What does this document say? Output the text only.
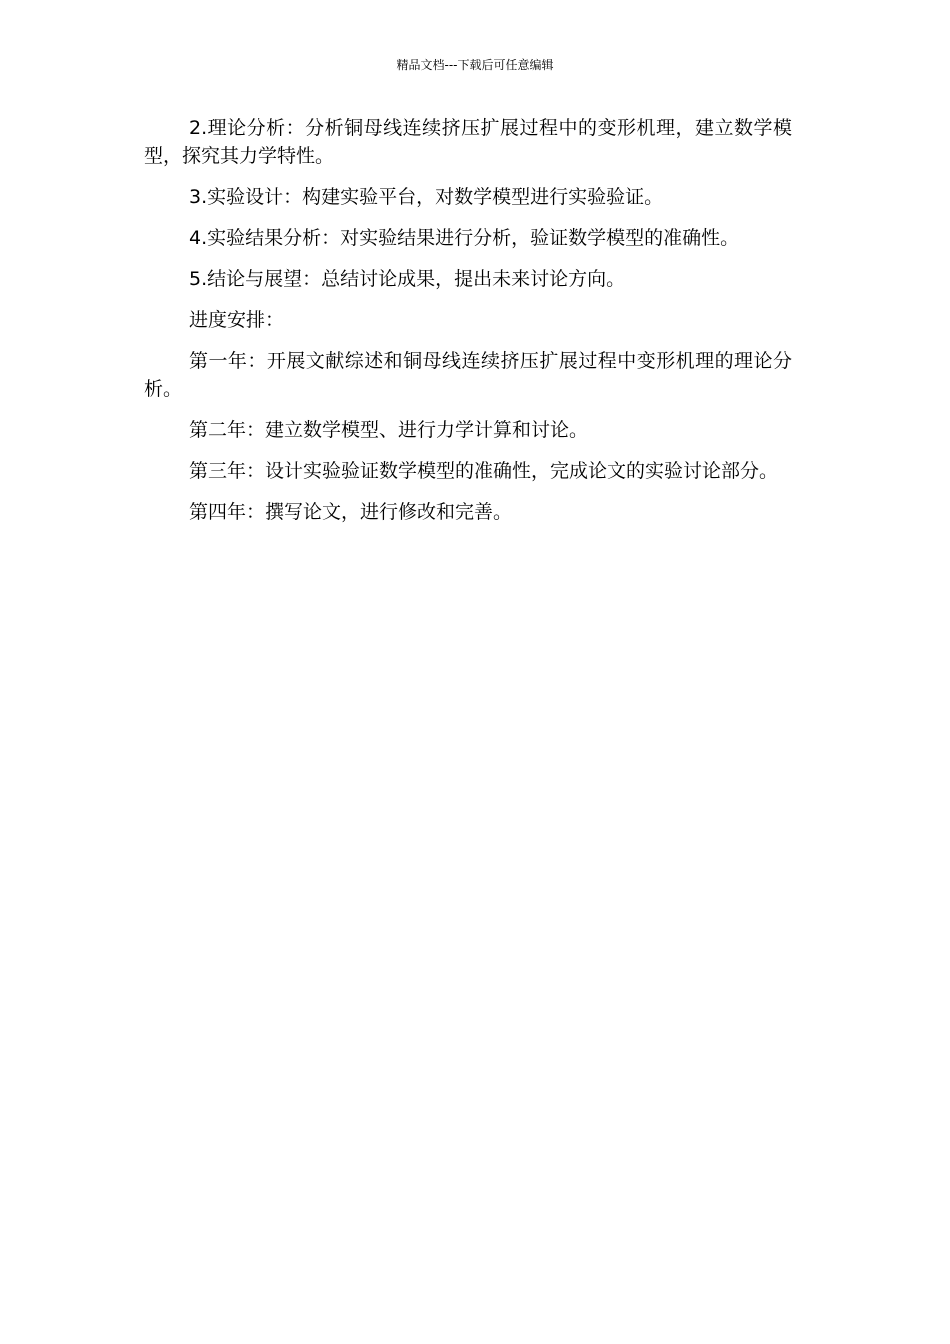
精品文档---下载后可任意编辑

2.理论分析：分析铜母线连续挤压扩展过程中的变形机理，建立数学模型，探究其力学特性。

3.实验设计：构建实验平台，对数学模型进行实验验证。

4.实验结果分析：对实验结果进行分析，验证数学模型的准确性。

5.结论与展望：总结讨论成果，提出未来讨论方向。

进度安排：

第一年：开展文献综述和铜母线连续挤压扩展过程中变形机理的理论分析。

第二年：建立数学模型、进行力学计算和讨论。

第三年：设计实验验证数学模型的准确性，完成论文的实验讨论部分。

第四年：撰写论文，进行修改和完善。
